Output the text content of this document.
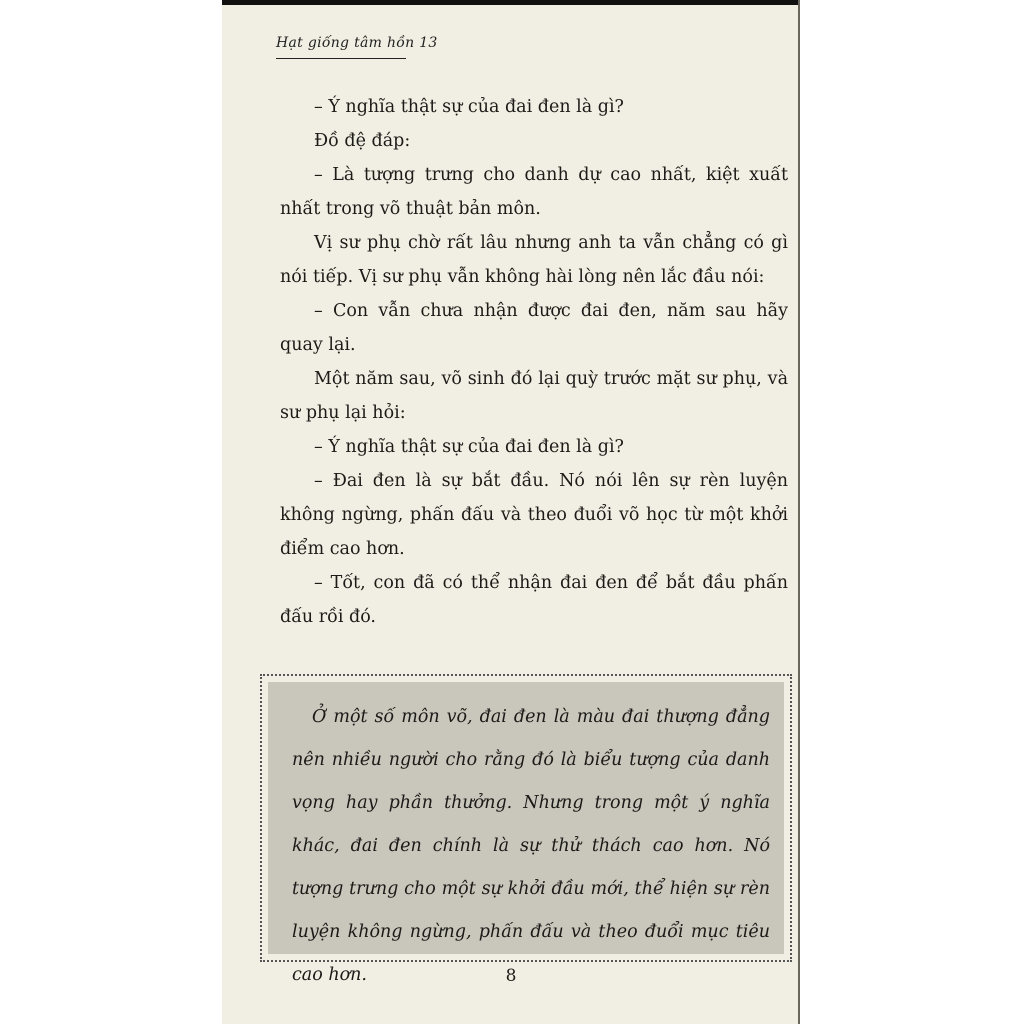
Hạt giống tâm hồn 13

– Ý nghĩa thật sự của đai đen là gì?

Đồ đệ đáp:

– Là tượng trưng cho danh dự cao nhất, kiệt xuất nhất trong võ thuật bản môn.

Vị sư phụ chờ rất lâu nhưng anh ta vẫn chẳng có gì nói tiếp. Vị sư phụ vẫn không hài lòng nên lắc đầu nói:

– Con vẫn chưa nhận được đai đen, năm sau hãy quay lại.

Một năm sau, võ sinh đó lại quỳ trước mặt sư phụ, và sư phụ lại hỏi:

– Ý nghĩa thật sự của đai đen là gì?

– Đai đen là sự bắt đầu. Nó nói lên sự rèn luyện không ngừng, phấn đấu và theo đuổi võ học từ một khởi điểm cao hơn.

– Tốt, con đã có thể nhận đai đen để bắt đầu phấn đấu rồi đó.

Ở một số môn võ, đai đen là màu đai thượng đẳng nên nhiều người cho rằng đó là biểu tượng của danh vọng hay phần thưởng. Nhưng trong một ý nghĩa khác, đai đen chính là sự thử thách cao hơn. Nó tượng trưng cho một sự khởi đầu mới, thể hiện sự rèn luyện không ngừng, phấn đấu và theo đuổi mục tiêu cao hơn.	8
